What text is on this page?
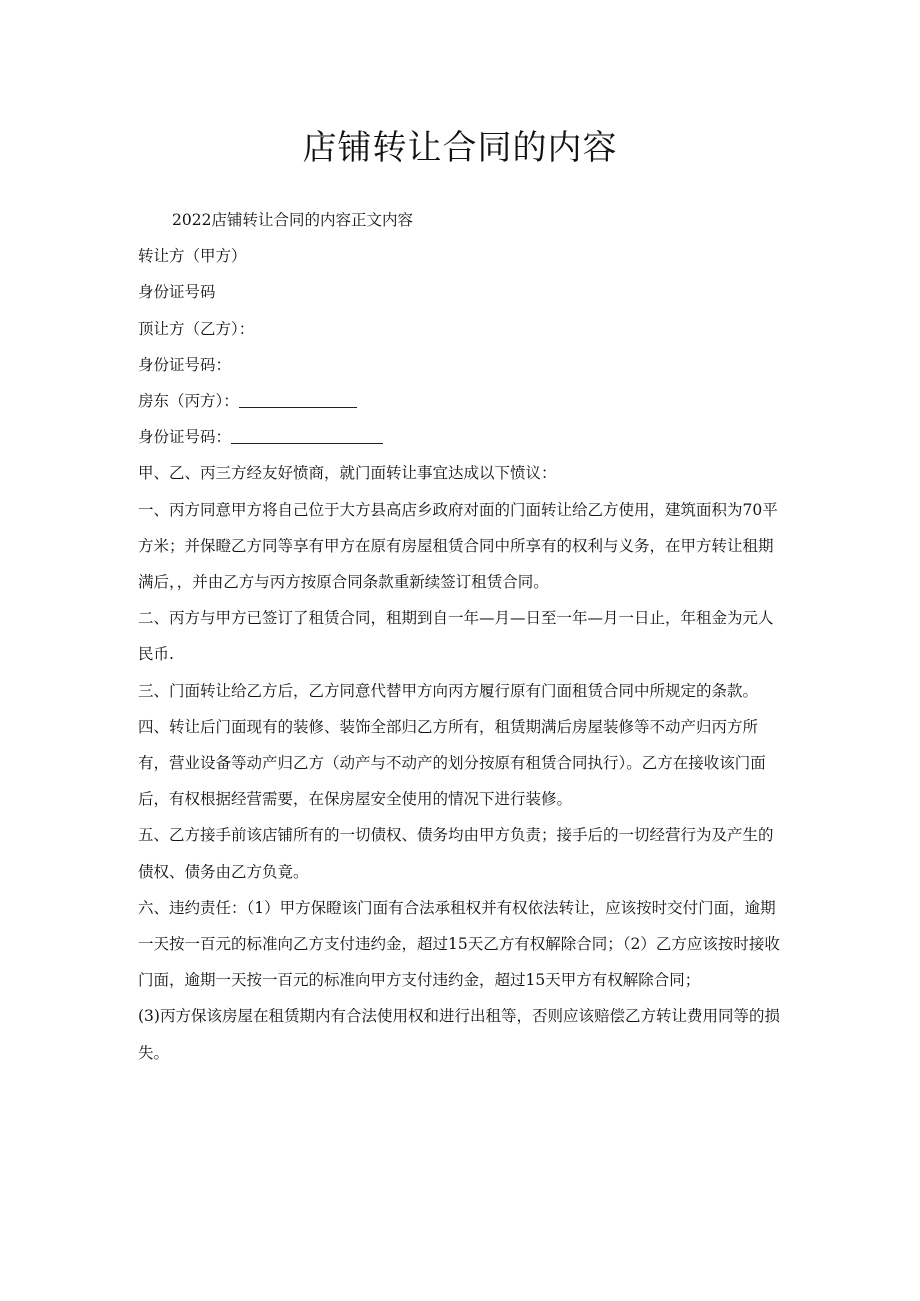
店铺转让合同的内容

2022店铺转让合同的内容正文内容

转让方（甲方）

身份证号码

顶让方（乙方）：

身份证号码：

房东（丙方）：

身份证号码：

甲、乙、丙三方经友好愤商，就门面转让事宜达成以下愤议：

一、丙方同意甲方将自己位于大方县高店乡政府对面的门面转让给乙方使用，建筑面积为70平方米；并保瞪乙方同等享有甲方在原有房屋租赁合同中所享有的权利与义务，在甲方转让租期满后，，并由乙方与丙方按原合同条款重新续签订租赁合同。

二、丙方与甲方已签订了租赁合同，租期到自一年—月—日至一年—月一日止，年租金为元人民币.

三、门面转让给乙方后，乙方同意代替甲方向丙方履行原有门面租赁合同中所规定的条款。

四、转让后门面现有的装修、装饰全部归乙方所有，租赁期满后房屋装修等不动产归丙方所有，营业设备等动产归乙方（动产与不动产的划分按原有租赁合同执行）。乙方在接收该门面后，有权根据经营需要，在保房屋安全使用的情况下进行装修。

五、乙方接手前该店铺所有的一切债权、债务均由甲方负责；接手后的一切经营行为及产生的债权、债务由乙方负竟。

六、违约责任：（1）甲方保瞪该门面有合法承租权并有权依法转让，应该按时交付门面，逾期一天按一百元的标准向乙方支付违约金，超过15天乙方有权解除合同；（2）乙方应该按时接收门面，逾期一天按一百元的标准向甲方支付违约金，超过15天甲方有权解除合同；

(3)丙方保该房屋在租赁期内有合法使用权和进行出租等，否则应该赔偿乙方转让费用同等的损失。
